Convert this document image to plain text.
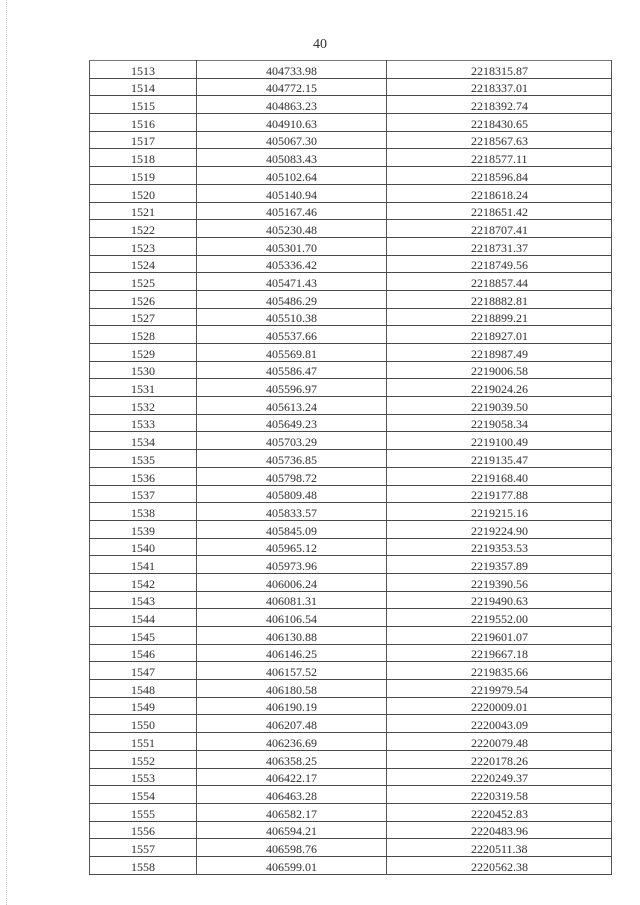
40
1513	404733.98	2218315.87
1514	404772.15	2218337.01
1515	404863.23	2218392.74
1516	404910.63	2218430.65
1517	405067.30	2218567.63
1518	405083.43	2218577.11
1519	405102.64	2218596.84
1520	405140.94	2218618.24
1521	405167.46	2218651.42
1522	405230.48	2218707.41
1523	405301.70	2218731.37
1524	405336.42	2218749.56
1525	405471.43	2218857.44
1526	405486.29	2218882.81
1527	405510.38	2218899.21
1528	405537.66	2218927.01
1529	405569.81	2218987.49
1530	405586.47	2219006.58
1531	405596.97	2219024.26
1532	405613.24	2219039.50
1533	405649.23	2219058.34
1534	405703.29	2219100.49
1535	405736.85	2219135.47
1536	405798.72	2219168.40
1537	405809.48	2219177.88
1538	405833.57	2219215.16
1539	405845.09	2219224.90
1540	405965.12	2219353.53
1541	405973.96	2219357.89
1542	406006.24	2219390.56
1543	406081.31	2219490.63
1544	406106.54	2219552.00
1545	406130.88	2219601.07
1546	406146.25	2219667.18
1547	406157.52	2219835.66
1548	406180.58	2219979.54
1549	406190.19	2220009.01
1550	406207.48	2220043.09
1551	406236.69	2220079.48
1552	406358.25	2220178.26
1553	406422.17	2220249.37
1554	406463.28	2220319.58
1555	406582.17	2220452.83
1556	406594.21	2220483.96
1557	406598.76	2220511.38
1558	406599.01	2220562.38
